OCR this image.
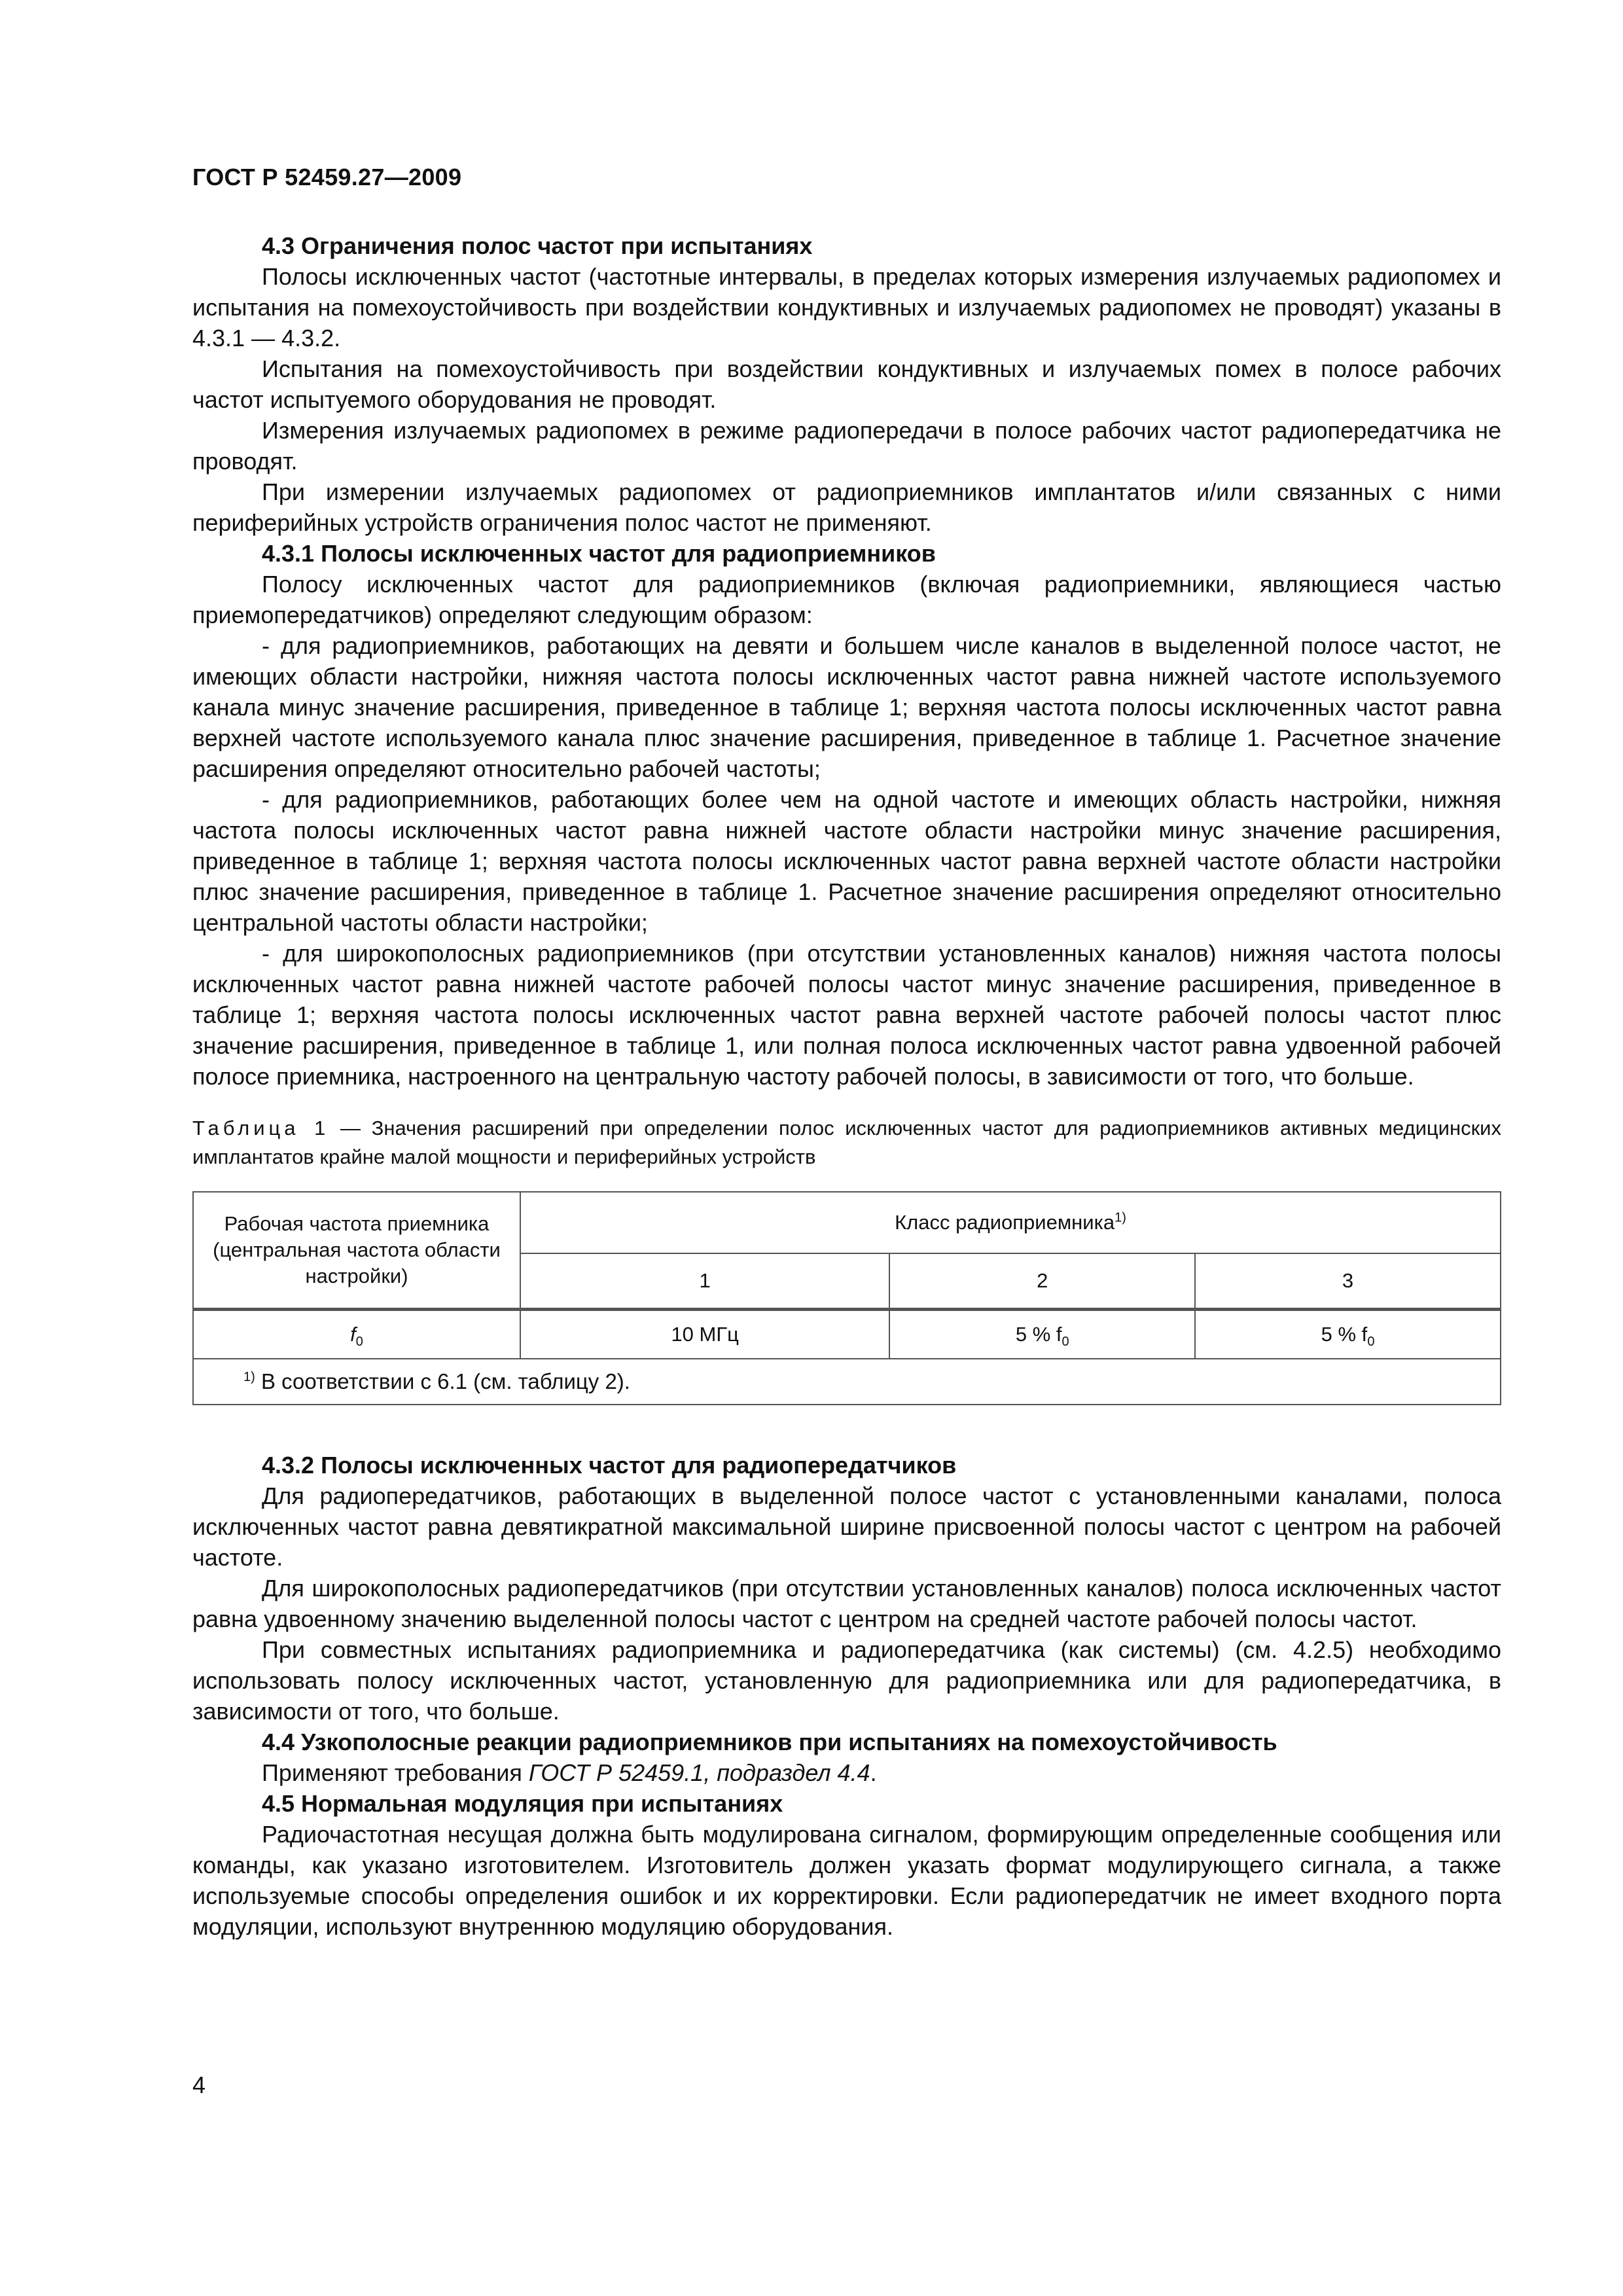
ГОСТ Р 52459.27—2009

4.3 Ограничения полос частот при испытаниях

Полосы исключенных частот (частотные интервалы, в пределах которых измерения излучаемых радиопомех и испытания на помехоустойчивость при воздействии кондуктивных и излучаемых радиопомех не проводят) указаны в 4.3.1 — 4.3.2.

Испытания на помехоустойчивость при воздействии кондуктивных и излучаемых помех в полосе рабочих частот испытуемого оборудования не проводят.

Измерения излучаемых радиопомех в режиме радиопередачи в полосе рабочих частот радиопередатчика не проводят.

При измерении излучаемых радиопомех от радиоприемников имплантатов и/или связанных с ними периферийных устройств ограничения полос частот не применяют.

4.3.1 Полосы исключенных частот для радиоприемников

Полосу исключенных частот для радиоприемников (включая радиоприемники, являющиеся частью приемопередатчиков) определяют следующим образом:

- для радиоприемников, работающих на девяти и большем числе каналов в выделенной полосе частот, не имеющих области настройки, нижняя частота полосы исключенных частот равна нижней частоте используемого канала минус значение расширения, приведенное в таблице 1; верхняя частота полосы исключенных частот равна верхней частоте используемого канала плюс значение расширения, приведенное в таблице 1. Расчетное значение расширения определяют относительно рабочей частоты;

- для радиоприемников, работающих более чем на одной частоте и имеющих область настройки, нижняя частота полосы исключенных частот равна нижней частоте области настройки минус значение расширения, приведенное в таблице 1; верхняя частота полосы исключенных частот равна верхней частоте области настройки плюс значение расширения, приведенное в таблице 1. Расчетное значение расширения определяют относительно центральной частоты области настройки;

- для широкополосных радиоприемников (при отсутствии установленных каналов) нижняя частота полосы исключенных частот равна нижней частоте рабочей полосы частот минус значение расширения, приведенное в таблице 1; верхняя частота полосы исключенных частот равна верхней частоте рабочей полосы частот плюс значение расширения, приведенное в таблице 1, или полная полоса исключенных частот равна удвоенной рабочей полосе приемника, настроенного на центральную частоту рабочей полосы, в зависимости от того, что больше.

Таблица 1 — Значения расширений при определении полос исключенных частот для радиоприемников активных медицинских имплантатов крайне малой мощности и периферийных устройств
Рабочая частота приемника (центральная частота области настройки)	Класс радиоприемника$^{1)}$
	1	2	3
$f_0$	10 МГц	5 % $f_0$	5 % $f_0$
$^{1)}$ В соответствии с 6.1 (см. таблицу 2).			

4.3.2 Полосы исключенных частот для радиопередатчиков

Для радиопередатчиков, работающих в выделенной полосе частот с установленными каналами, полоса исключенных частот равна девятикратной максимальной ширине присвоенной полосы частот с центром на рабочей частоте.

Для широкополосных радиопередатчиков (при отсутствии установленных каналов) полоса исключенных частот равна удвоенному значению выделенной полосы частот с центром на средней частоте рабочей полосы частот.

При совместных испытаниях радиоприемника и радиопередатчика (как системы) (см. 4.2.5) необходимо использовать полосу исключенных частот, установленную для радиоприемника или для радиопередатчика, в зависимости от того, что больше.

4.4 Узкополосные реакции радиоприемников при испытаниях на помехоустойчивость

Применяют требования ГОСТ Р 52459.1, подраздел 4.4.

4.5 Нормальная модуляция при испытаниях

Радиочастотная несущая должна быть модулирована сигналом, формирующим определенные сообщения или команды, как указано изготовителем. Изготовитель должен указать формат модулирующего сигнала, а также используемые способы определения ошибок и их корректировки. Если радиопередатчик не имеет входного порта модуляции, используют внутреннюю модуляцию оборудования.

4
